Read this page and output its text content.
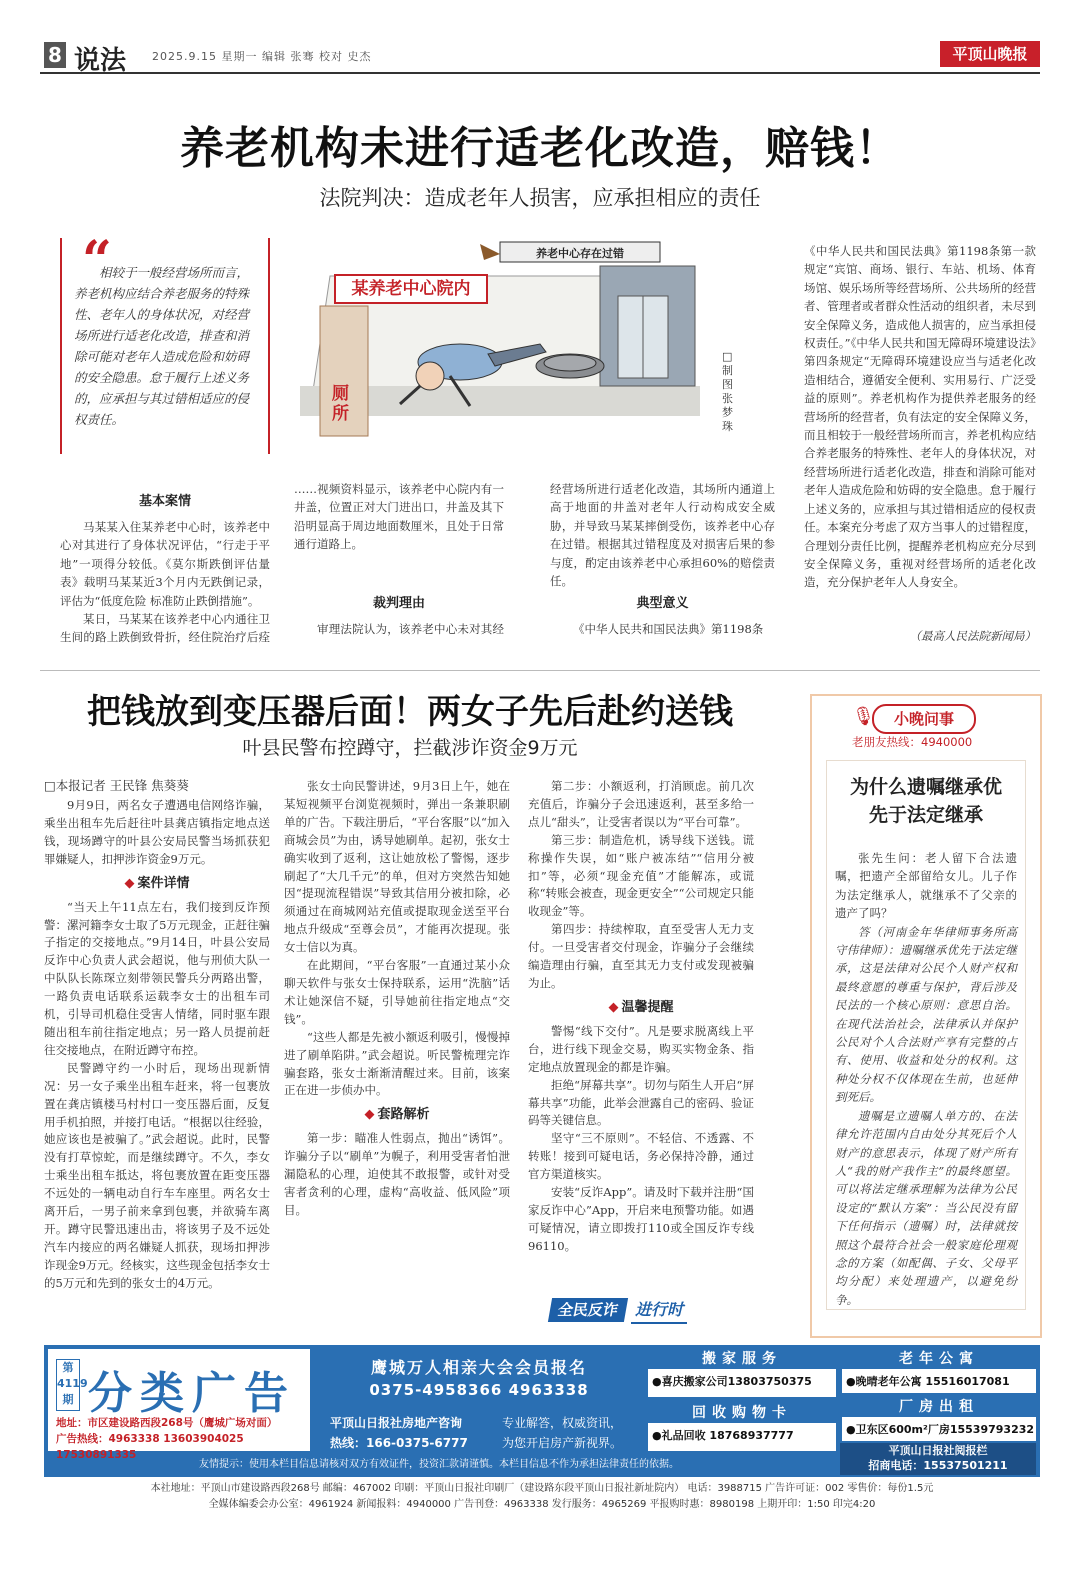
8 说法 2025.9.15 星期一 编辑 张骞 校对 史杰	平顶山晚报
养老机构未进行适老化改造，赔钱！
法院判决：造成老年人损害，应承担相应的责任
“
相较于一般经营场所而言，养老机构应结合养老服务的特殊性、老年人的身体状况，对经营场所进行适老化改造，排查和消除可能对老年人造成危险和妨碍的安全隐患。怠于履行上述义务的，应承担与其过错相适应的侵权责任。
养老中心存在过错
某养老中心院内
厕所
□制图 张梦珠
基本案情

马某某入住某养老中心时，该养老中心对其进行了身体状况评估，“行走于平地”一项得分较低。《莫尔斯跌倒评估量表》载明马某某近3个月内无跌倒记录，评估为“低度危险 标准防止跌倒措施”。

某日，马某某在该养老中心内通往卫生间的路上跌倒致骨折，经住院治疗后痊

……视频资料显示，该养老中心院内有一井盖，位置正对大门进出口，井盖及其下沿明显高于周边地面数厘米，且处于日常通行道路上。
裁判理由

审理法院认为，该养老中心未对其经

经营场所进行适老化改造，其场所内通道上高于地面的井盖对老年人行动构成安全威胁，并导致马某某摔倒受伤，该养老中心存在过错。根据其过错程度及对损害后果的参与度，酌定由该养老中心承担60%的赔偿责任。
典型意义

《中华人民共和国民法典》第1198条

《中华人民共和国民法典》第1198条第一款规定“宾馆、商场、银行、车站、机场、体育场馆、娱乐场所等经营场所、公共场所的经营者、管理者或者群众性活动的组织者，未尽到安全保障义务，造成他人损害的，应当承担侵权责任。”《中华人民共和国无障碍环境建设法》第四条规定“无障碍环境建设应当与适老化改造相结合，遵循安全便利、实用易行、广泛受益的原则”。养老机构作为提供养老服务的经营场所的经营者，负有法定的安全保障义务，而且相较于一般经营场所而言，养老机构应结合养老服务的特殊性、老年人的身体状况，对经营场所进行适老化改造，排查和消除可能对老年人造成危险和妨碍的安全隐患。怠于履行上述义务的，应承担与其过错相适应的侵权责任。本案充分考虑了双方当事人的过错程度，合理划分责任比例，提醒养老机构应充分尽到安全保障义务，重视对经营场所的适老化改造，充分保护老年人人身安全。

（最高人民法院新闻局）
把钱放到变压器后面！两女子先后赴约送钱
叶县民警布控蹲守，拦截涉诈资金9万元
□本报记者 王民锋 焦葵葵

9月9日，两名女子遭遇电信网络诈骗，乘坐出租车先后赶往叶县龚店镇指定地点送钱，现场蹲守的叶县公安局民警当场抓获犯罪嫌疑人，扣押涉诈资金9万元。

◆ 案件详情

“当天上午11点左右，我们接到反诈预警：漯河籍李女士取了5万元现金，正赶往骗子指定的交接地点。”9月14日，叶县公安局反诈中心负责人武会超说，他与刑侦大队一中队队长陈琛立刻带领民警兵分两路出警，一路负责电话联系运载李女士的出租车司机，引导司机稳住受害人情绪，同时驱车跟随出租车前往指定地点；另一路人员提前赶往交接地点，在附近蹲守布控。

民警蹲守约一小时后，现场出现新情况：另一女子乘坐出租车赶来，将一包裹放置在龚店镇楼马村村口一变压器后面，反复用手机拍照，并接打电话。“根据以往经验，她应该也是被骗了。”武会超说。此时，民警没有打草惊蛇，而是继续蹲守。不久，李女士乘坐出租车抵达，将包裹放置在距变压器不远处的一辆电动自行车车座里。两名女士离开后，一男子前来拿到包裹，并欲骑车离开。蹲守民警迅速出击，将该男子及不远处汽车内接应的两名嫌疑人抓获，现场扣押涉诈现金9万元。经核实，这些现金包括李女士的5万元和先到的张女士的4万元。

张女士向民警讲述，9月3日上午，她在某短视频平台浏览视频时，弹出一条兼职刷单的广告。下载注册后，“平台客服”以“加入商城会员”为由，诱导她刷单。起初，张女士确实收到了返利，这让她放松了警惕，逐步刷起了“大几千元”的单，但对方突然告知她因“提现流程错误”导致其信用分被扣除，必须通过在商城网站充值或提取现金送至平台地点升级成“至尊会员”，才能再次提现。张女士信以为真。

在此期间，“平台客服”一直通过某小众聊天软件与张女士保持联系，运用“洗脑”话术让她深信不疑，引导她前往指定地点“交钱”。

“这些人都是先被小额返利吸引，慢慢掉进了刷单陷阱。”武会超说。听民警梳理完诈骗套路，张女士渐渐清醒过来。目前，该案正在进一步侦办中。

◆ 套路解析

第一步：瞄准人性弱点，抛出“诱饵”。诈骗分子以“刷单”为幌子，利用受害者怕泄漏隐私的心理，迫使其不敢报警，或针对受害者贪利的心理，虚构“高收益、低风险”项目。

第二步：小额返利，打消顾虑。前几次充值后，诈骗分子会迅速返利，甚至多给一点儿“甜头”，让受害者误以为“平台可靠”。

第三步：制造危机，诱导线下送钱。谎称操作失误，如“账户被冻结”“信用分被扣”等，必须“现金充值”才能解冻，或谎称“转账会被查，现金更安全”“公司规定只能收现金”等。

第四步：持续榨取，直至受害人无力支付。一旦受害者交付现金，诈骗分子会继续编造理由行骗，直至其无力支付或发现被骗为止。

◆ 温馨提醒

警惕“线下交付”。凡是要求脱离线上平台，进行线下现金交易，购买实物金条、指定地点放置现金的都是诈骗。

拒绝“屏幕共享”。切勿与陌生人开启“屏幕共享”功能，此举会泄露自己的密码、验证码等关键信息。

坚守“三不原则”。不轻信、不透露、不转账！接到可疑电话，务必保持冷静，通过官方渠道核实。

安装“反诈App”。请及时下载并注册“国家反诈中心”App，开启来电预警功能。如遇可疑情况，请立即拨打110或全国反诈专线96110。

全民反诈 进行时
🎙	小晚问事
老朋友热线：4940000
为什么遗嘱继承优先于法定继承

张先生问：老人留下合法遗嘱，把遗产全部留给女儿。儿子作为法定继承人，就继承不了父亲的遗产了吗？

答（河南金年华律师事务所高守伟律师）：遗嘱继承优先于法定继承，这是法律对公民个人财产权和最终意愿的尊重与保护，背后涉及民法的一个核心原则：意思自治。在现代法治社会，法律承认并保护公民对个人合法财产享有完整的占有、使用、收益和处分的权利。这种处分权不仅体现在生前，也延伸到死后。

遗嘱是立遗嘱人单方的、在法律允许范围内自由处分其死后个人财产的意思表示，体现了财产所有人“我的财产我作主”的最终愿望。可以将法定继承理解为法律为公民设定的“默认方案”：当公民没有留下任何指示（遗嘱）时，法律就按照这个最符合社会一般家庭伦理观念的方案（如配偶、子女、父母平均分配）来处理遗产，以避免纷争。

第4119期 分类广告
地址：市区建设路西段268号（鹰城广场对面）
广告热线：4963338 13603904025 17530891335
鹰城万人相亲大会会员报名
0375-4958366 4963338
平顶山日报社房地产咨询
热线：166-0375-6777
专业解答，权威资讯，
为您开启房产新视界。
搬家服务
●喜庆搬家公司13803750375
回收购物卡
●礼品回收 18768937777
老年公寓
●晚晴老年公寓 15516017081
厂房出租
●卫东区600m²厂房15539793232
平顶山日报社阅报栏
招商电话：15537501211
友情提示：使用本栏目信息请核对双方有效证件，投资汇款请谨慎。本栏目信息不作为承担法律责任的依据。
本社地址：平顶山市建设路西段268号 邮编：467002 印刷：平顶山日报社印刷厂（建设路东段平顶山日报社新址院内） 电话：3988715 广告许可证：002 零售价：每份1.5元
全媒体编委会办公室：4961924 新闻报料：4940000 广告刊登：4963338 发行服务：4965269 平报购时惠：8980198 上期开印：1:50 印完4:20
